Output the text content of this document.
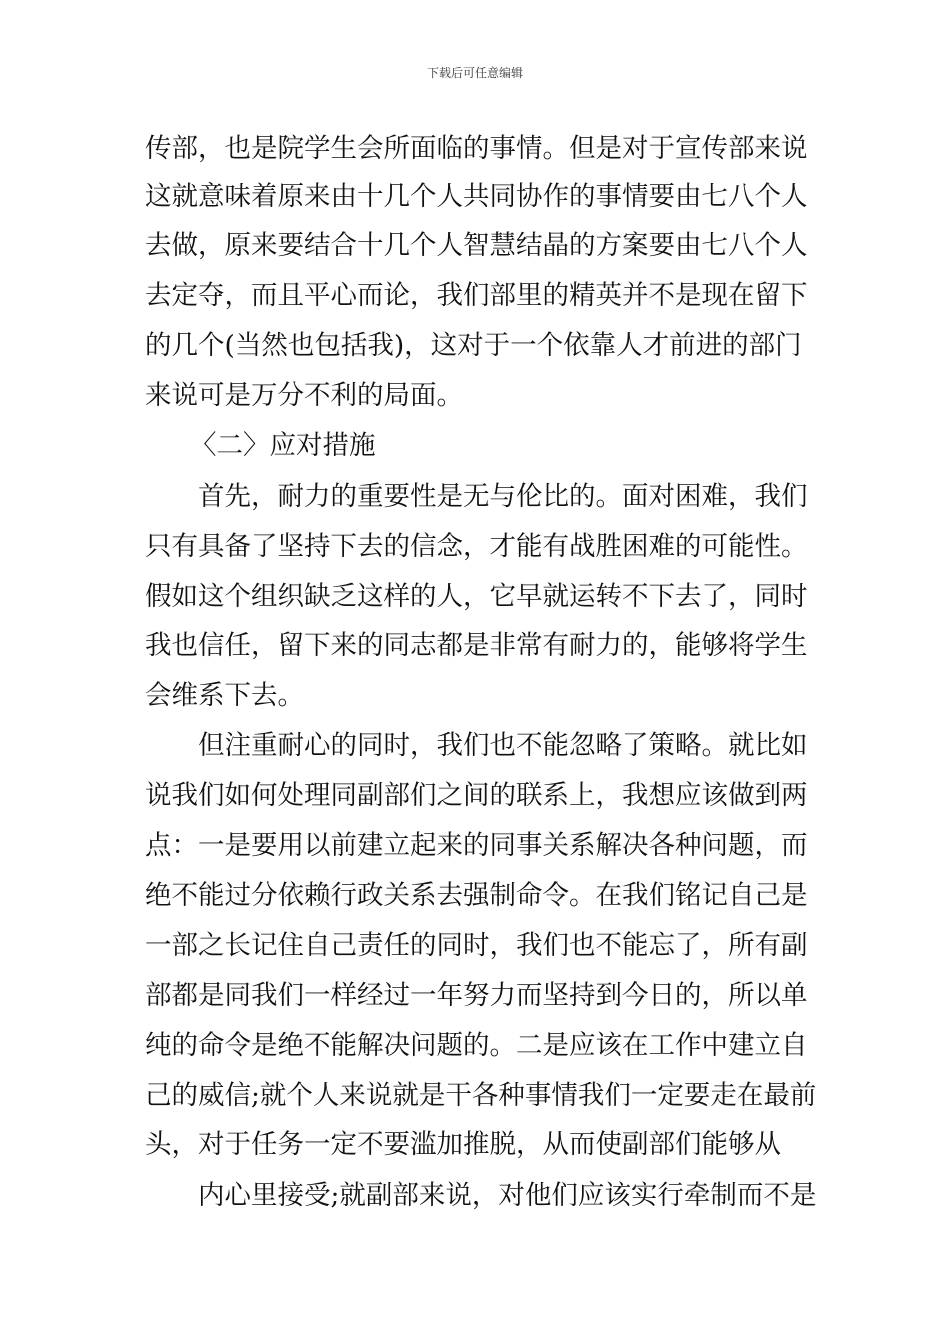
下载后可任意编辑
传部，也是院学生会所面临的事情。但是对于宣传部来说
这就意味着原来由十几个人共同协作的事情要由七八个人
去做，原来要结合十几个人智慧结晶的方案要由七八个人
去定夺，而且平心而论，我们部里的精英并不是现在留下
的几个(当然也包括我)，这对于一个依靠人才前进的部门
来说可是万分不利的局面。
〈二〉应对措施
首先，耐力的重要性是无与伦比的。面对困难，我们
只有具备了坚持下去的信念，才能有战胜困难的可能性。
假如这个组织缺乏这样的人，它早就运转不下去了，同时
我也信任，留下来的同志都是非常有耐力的，能够将学生
会维系下去。
但注重耐心的同时，我们也不能忽略了策略。就比如
说我们如何处理同副部们之间的联系上，我想应该做到两
点：一是要用以前建立起来的同事关系解决各种问题，而
绝不能过分依赖行政关系去强制命令。在我们铭记自己是
一部之长记住自己责任的同时，我们也不能忘了，所有副
部都是同我们一样经过一年努力而坚持到今日的，所以单
纯的命令是绝不能解决问题的。二是应该在工作中建立自
己的威信;就个人来说就是干各种事情我们一定要走在最前
头，对于任务一定不要滥加推脱，从而使副部们能够从
内心里接受;就副部来说，对他们应该实行牵制而不是
